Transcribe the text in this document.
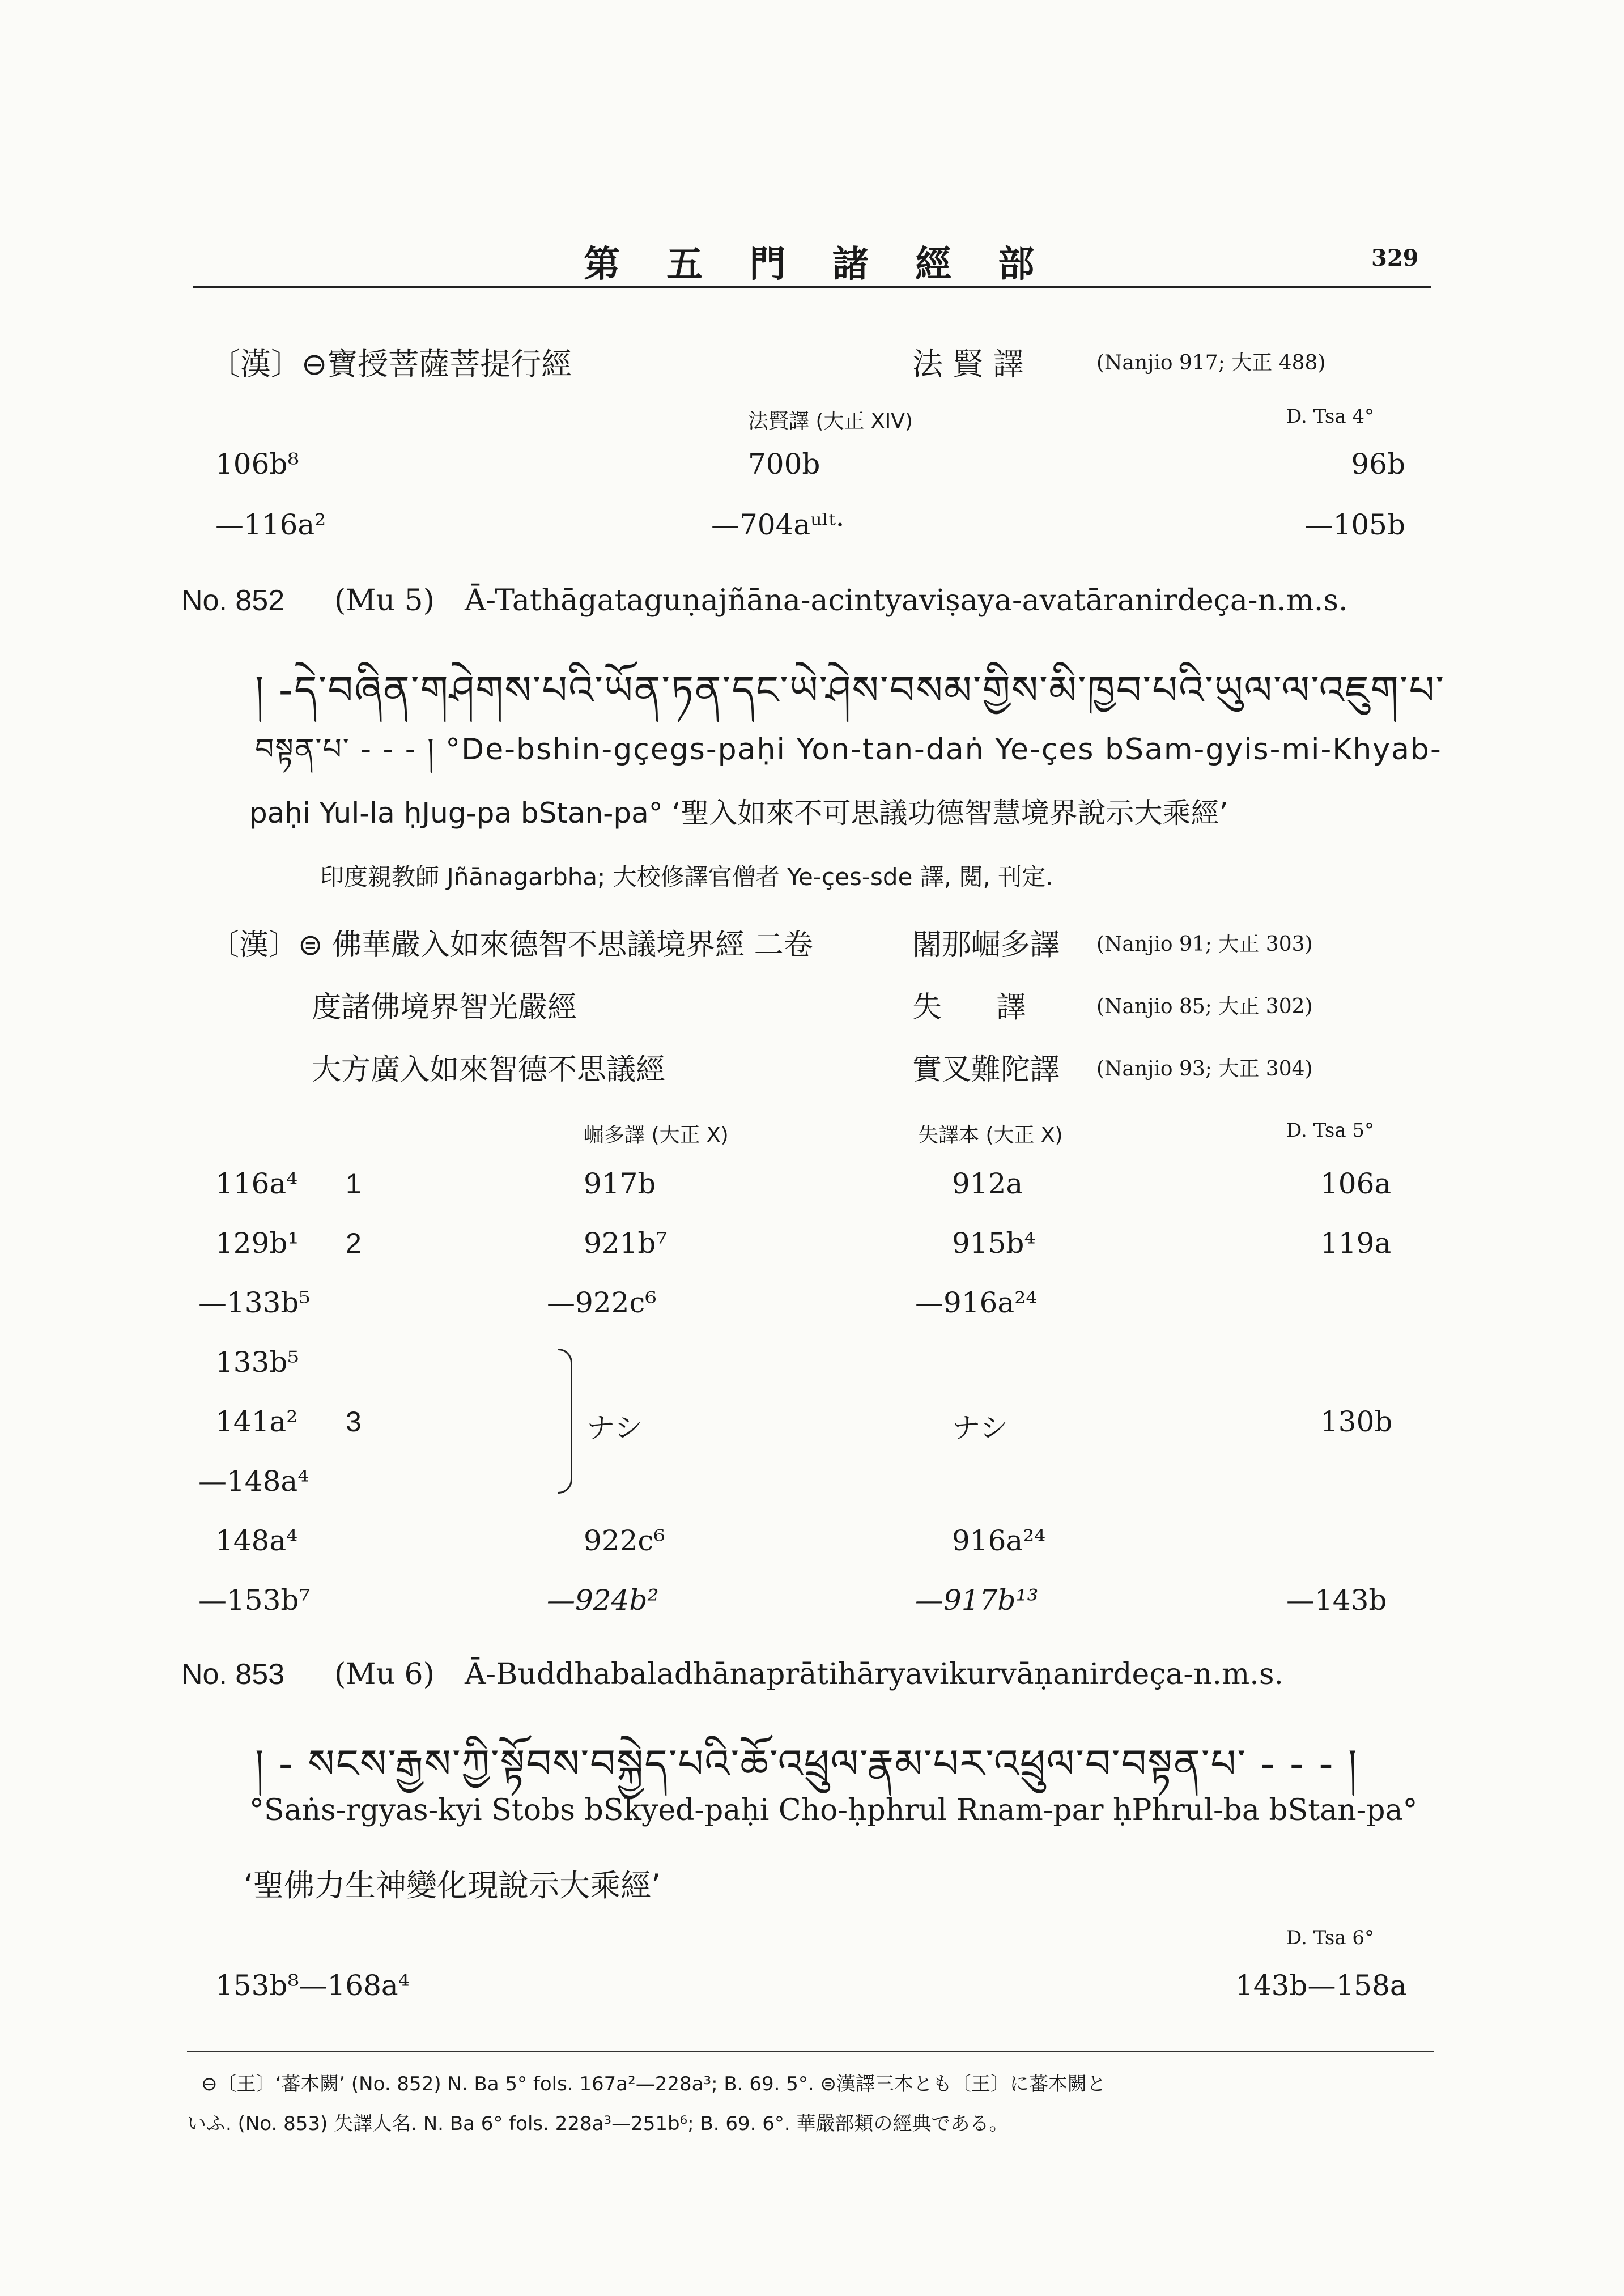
第 五 門 諸 經 部	329
〔漢〕⊖寶授菩薩菩提行經	法 賢 譯	(Nanjio 917; 大正 488)
法賢譯 (大正 XIV)	D. Tsa 4°
106b⁸	700b	96b
—116a²	—704aᵘˡᵗ·	—105b
No. 852 (Mu 5) Ā-Tathāgataguṇajñāna-acintyaviṣaya-avatāranirdeça-n.m.s.
། -དེ་བཞིན་གཤེགས་པའི་ཡོན་ཏན་དང་ཡེ་ཤེས་བསམ་གྱིས་མི་ཁྱབ་པའི་ཡུལ་ལ་འཇུག་པ་
བསྟན་པ་ - - - ། °De-bshin-gçegs-paḥi Yon-tan-daṅ Ye-çes bSam-gyis-mi-Khyab-
paḥi Yul-la ḥJug-pa bStan-pa° ‘聖入如來不可思議功德智慧境界說示大乘經’
印度親教師 Jñānagarbha; 大校修譯官僧者 Ye-çes-sde 譯, 閲, 刊定.
〔漢〕⊜ 佛華嚴入如來德智不思議境界經 二卷	闍那崛多譯 (Nanjio 91; 大正 303)
度諸佛境界智光嚴經	失 譯 (Nanjio 85; 大正 302)
大方廣入如來智德不思議經	實叉難陀譯 (Nanjio 93; 大正 304)
崛多譯 (大正 X)	失譯本 (大正 X)	D. Tsa 5°
116a⁴ 1	917b	912a	106a
129b¹ 2	921b⁷	915b⁴	119a
—133b⁵	—922c⁶	—916a²⁴
133b⁵
141a² 3	ナシ	ナシ	130b
—148a⁴
148a⁴	922c⁶	916a²⁴
—153b⁷	—924b²	—917b¹³	—143b
No. 853 (Mu 6) Ā-Buddhabaladhānaprātihāryavikurvāṇanirdeça-n.m.s.
། - སངས་རྒྱས་ཀྱི་སྟོབས་བསྐྱེད་པའི་ཆོ་འཕྲུལ་རྣམ་པར་འཕྲུལ་བ་བསྟན་པ་ - - - །
°Saṅs-rgyas-kyi Stobs bSkyed-paḥi Cho-ḥphrul Rnam-par ḥPhrul-ba bStan-pa°
‘聖佛力生神變化現說示大乘經’
D. Tsa 6°
153b⁸—168a⁴	143b—158a
⊖〔王〕‘蕃本闕’ (No. 852) N. Ba 5° fols. 167a²—228a³; B. 69. 5°. ⊜漢譯三本とも〔王〕に蕃本闕と
いふ. (No. 853) 失譯人名. N. Ba 6° fols. 228a³—251b⁶; B. 69. 6°. 華嚴部類の經典である。
